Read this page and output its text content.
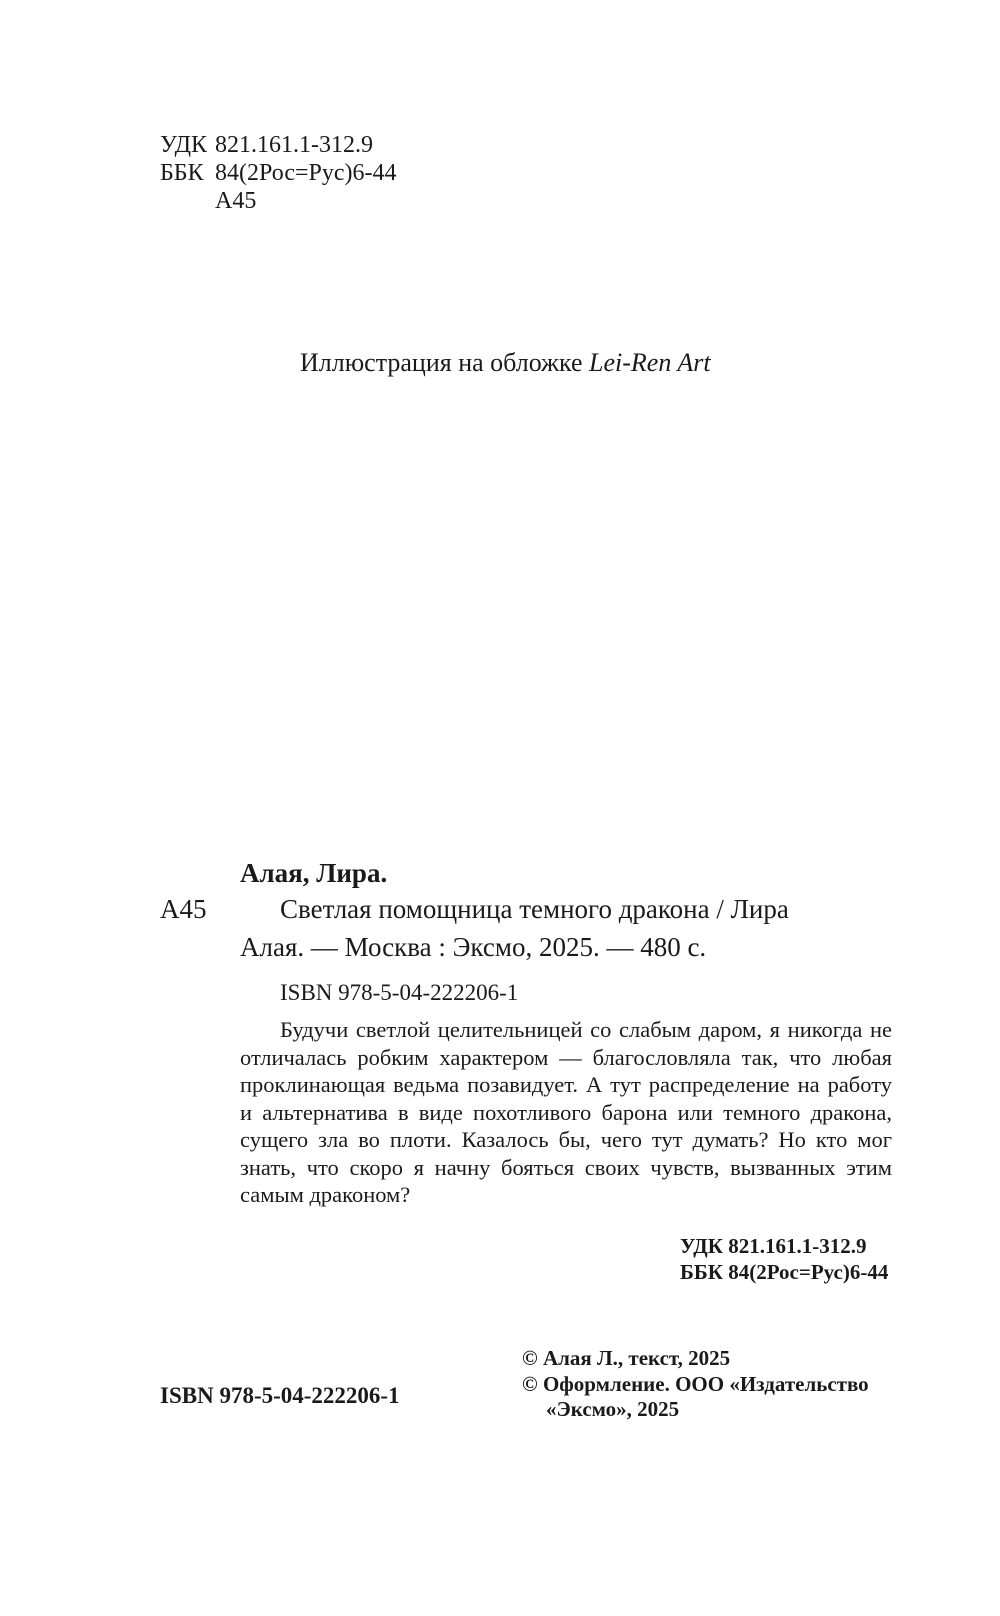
УДК 821.161.1-312.9
ББК 84(2Рос=Рус)6-44
А45
Иллюстрация на обложке Lei-Ren Art
Алая, Лира.
А45	Светлая помощница темного дракона / Лира
Алая. — Москва : Эксмо, 2025. — 480 с.
ISBN 978-5-04-222206-1
Будучи светлой целительницей со слабым даром, я никогда не отличалась робким характером — благословляла так, что любая проклинающая ведьма позавидует. А тут распределение на работу и альтернатива в виде похотливого барона или темного дракона, сущего зла во плоти. Казалось бы, чего тут думать? Но кто мог знать, что скоро я начну бояться своих чувств, вызванных этим самым драконом?
УДК 821.161.1-312.9
ББК 84(2Рос=Рус)6-44
ISBN 978-5-04-222206-1
© Алая Л., текст, 2025
© Оформление. ООО «Издательство
«Эксмо», 2025
